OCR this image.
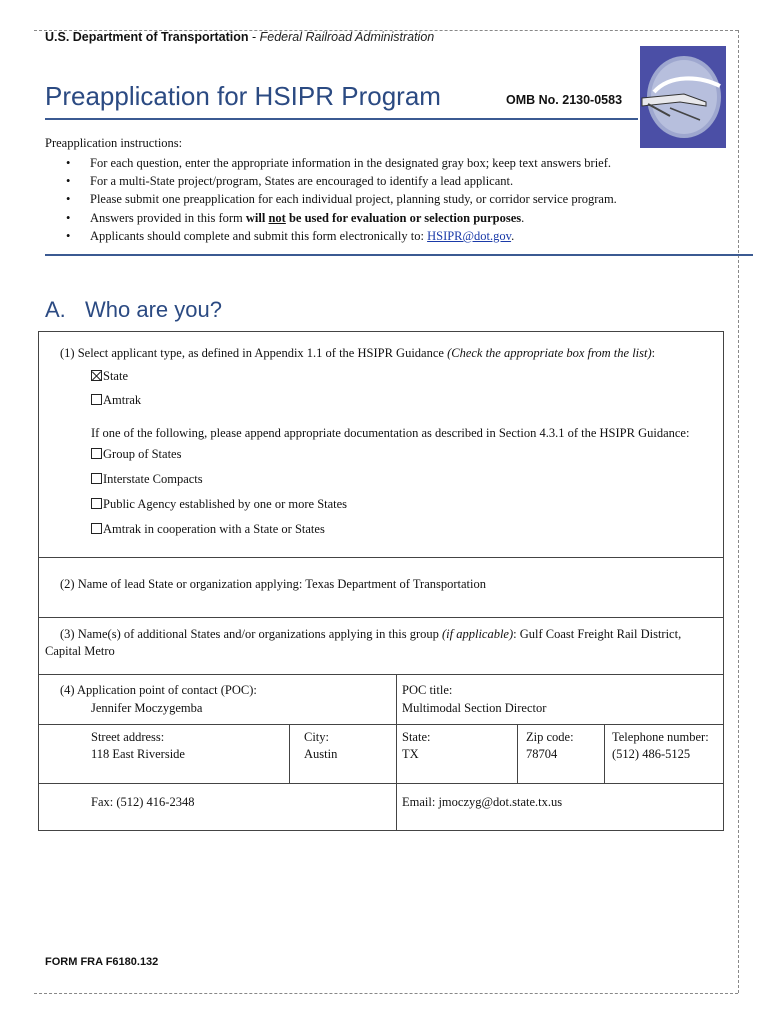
U.S. Department of Transportation - Federal Railroad Administration
Preapplication for HSIPR Program	OMB No. 2130-0583
Preapplication instructions:
• For each question, enter the appropriate information in the designated gray box; keep text answers brief.
• For a multi-State project/program, States are encouraged to identify a lead applicant.
• Please submit one preapplication for each individual project, planning study, or corridor service program.
• Answers provided in this form will not be used for evaluation or selection purposes.
• Applicants should complete and submit this form electronically to: HSIPR@dot.gov.
A. Who are you?
(1) Select applicant type, as defined in Appendix 1.1 of the HSIPR Guidance (Check the appropriate box from the list):
State
Amtrak
If one of the following, please append appropriate documentation as described in Section 4.3.1 of the HSIPR Guidance:
Group of States
Interstate Compacts
Public Agency established by one or more States
Amtrak in cooperation with a State or States
(2) Name of lead State or organization applying: Texas Department of Transportation
(3) Name(s) of additional States and/or organizations applying in this group (if applicable): Gulf Coast Freight Rail District,
Capital Metro
(4) Application point of contact (POC):
Jennifer Moczygemba
POC title:
Multimodal Section Director
Street address:
118 East Riverside
City:
Austin
State:
TX
Zip code:
78704
Telephone number:
(512) 486-5125
Fax: (512) 416-2348	Email: jmoczyg@dot.state.tx.us
FORM FRA F6180.132
